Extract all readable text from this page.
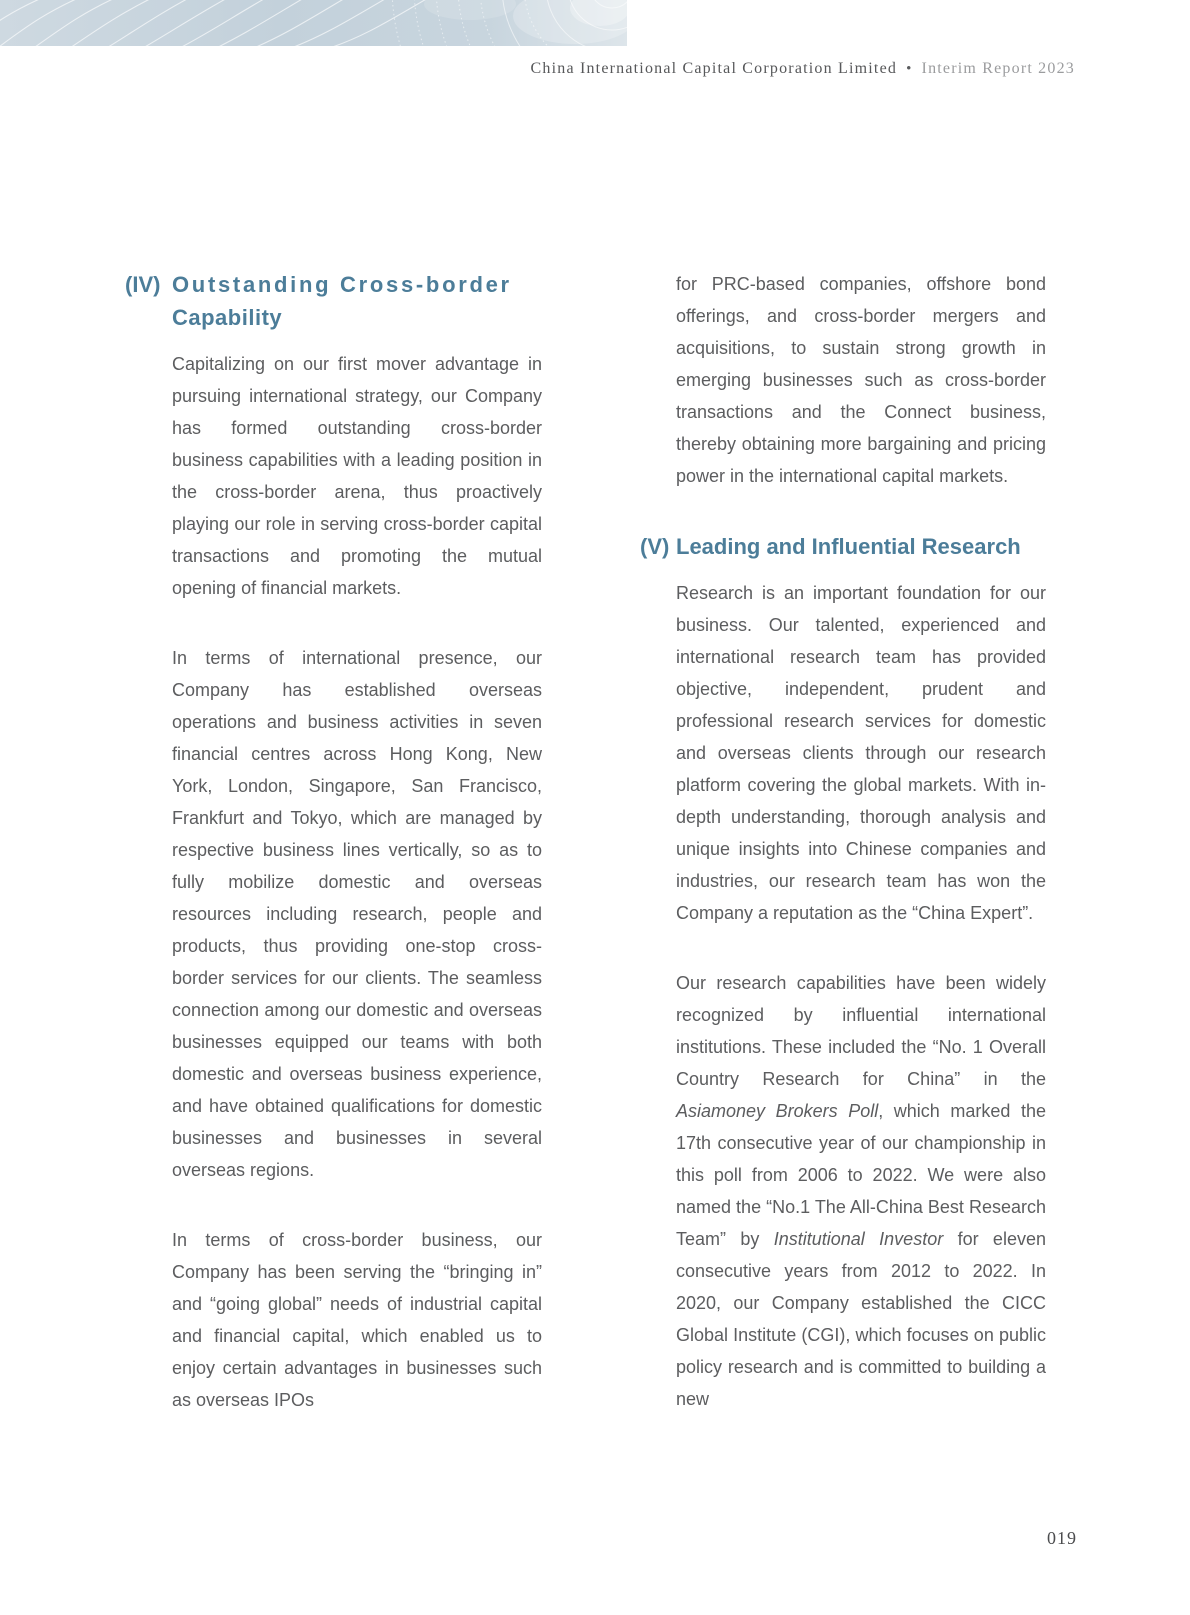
China International Capital Corporation Limited • Interim Report 2023
(IV) Outstanding Cross-border
Capability

Capitalizing on our first mover advantage in pursuing international strategy, our Company has formed outstanding cross-border business capabilities with a leading position in the cross-border arena, thus proactively playing our role in serving cross-border capital transactions and promoting the mutual opening of financial markets.

In terms of international presence, our Company has established overseas operations and business activities in seven financial centres across Hong Kong, New York, London, Singapore, San Francisco, Frankfurt and Tokyo, which are managed by respective business lines vertically, so as to fully mobilize domestic and overseas resources including research, people and products, thus providing one-stop cross-border services for our clients. The seamless connection among our domestic and overseas businesses equipped our teams with both domestic and overseas business experience, and have obtained qualifications for domestic businesses and businesses in several overseas regions.

In terms of cross-border business, our Company has been serving the “bringing in” and “going global” needs of industrial capital and financial capital, which enabled us to enjoy certain advantages in businesses such as overseas IPOs

for PRC-based companies, offshore bond offerings, and cross-border mergers and acquisitions, to sustain strong growth in emerging businesses such as cross-border transactions and the Connect business, thereby obtaining more bargaining and pricing power in the international capital markets.

(V) Leading and Influential Research

Research is an important foundation for our business. Our talented, experienced and international research team has provided objective, independent, prudent and professional research services for domestic and overseas clients through our research platform covering the global markets. With in-depth understanding, thorough analysis and unique insights into Chinese companies and industries, our research team has won the Company a reputation as the “China Expert”.

Our research capabilities have been widely recognized by influential international institutions. These included the “No. 1 Overall Country Research for China” in the Asiamoney Brokers Poll, which marked the 17th consecutive year of our championship in this poll from 2006 to 2022. We were also named the “No.1 The All-China Best Research Team” by Institutional Investor for eleven consecutive years from 2012 to 2022. In 2020, our Company established the CICC Global Institute (CGI), which focuses on public policy research and is committed to building a new

019
